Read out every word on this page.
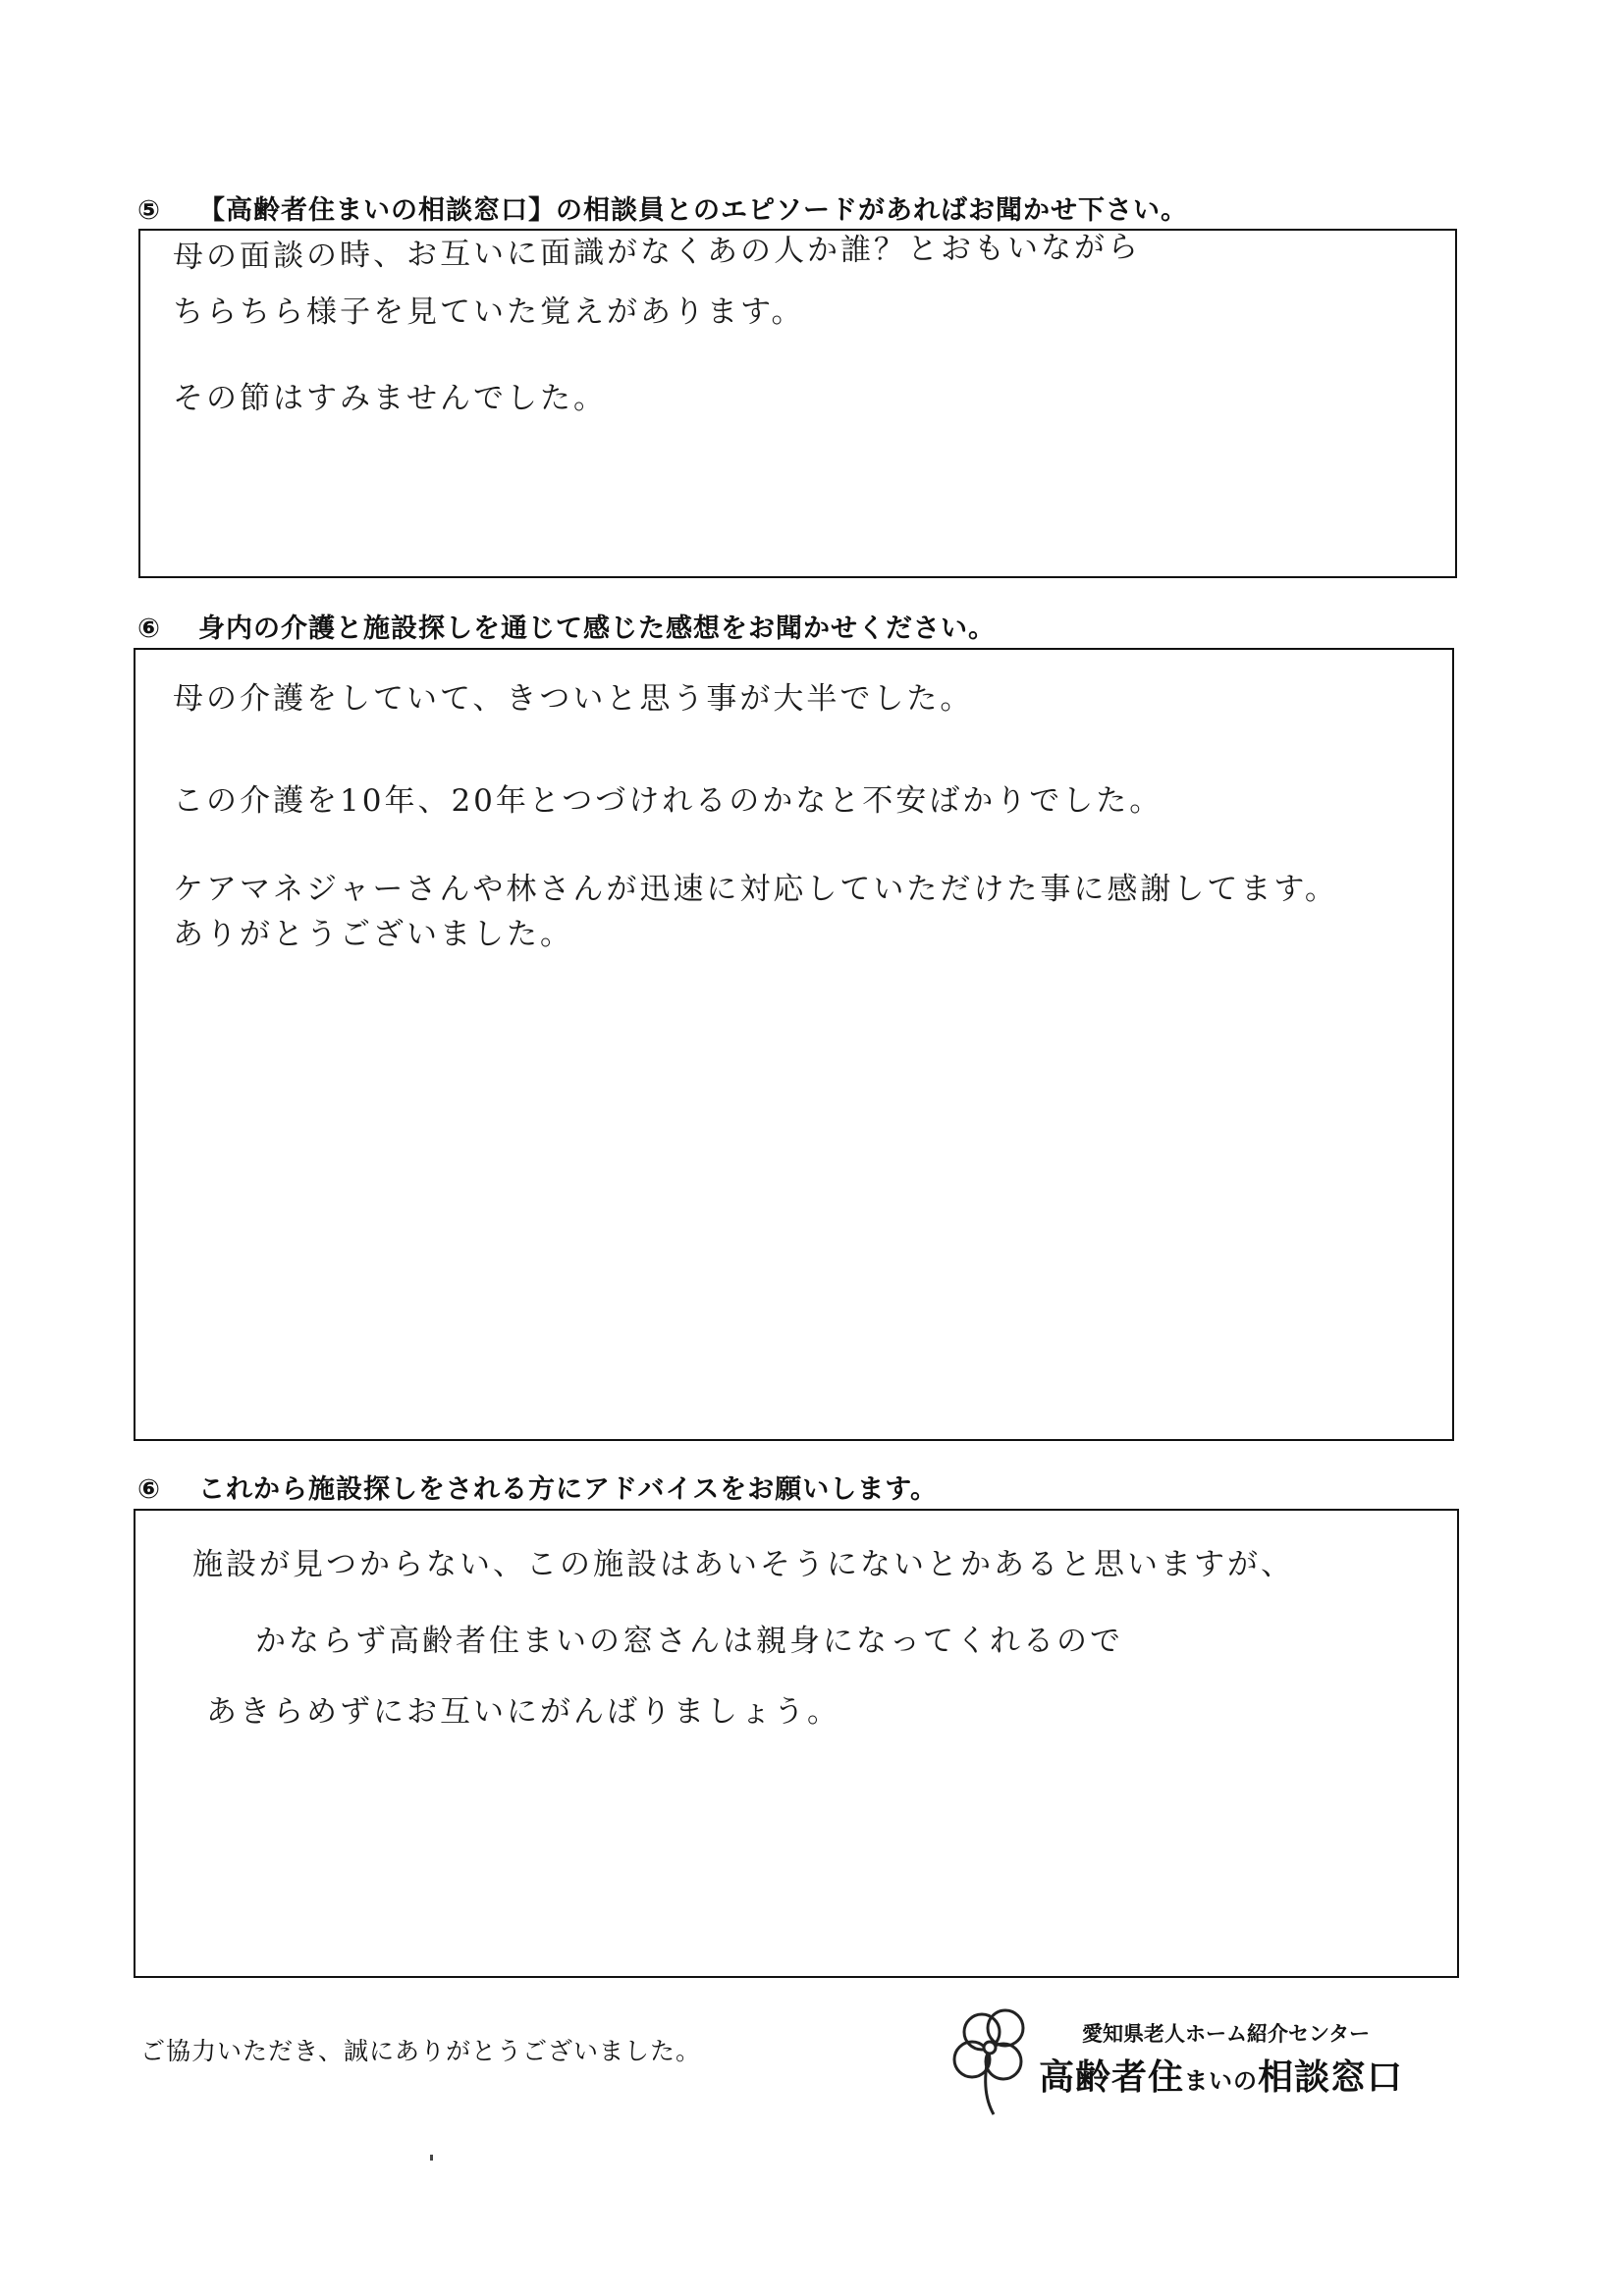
⑤ 【高齢者住まいの相談窓口】の相談員とのエピソードがあればお聞かせ下さい。
母の面談の時、お互いに面識がなくあの人か誰？とおもいながら
ちらちら様子を見ていた覚えがあります。
その節はすみませんでした。
⑥ 身内の介護と施設探しを通じて感じた感想をお聞かせください。
母の介護をしていて、きついと思う事が大半でした。
この介護を10年、20年とつづけれるのかなと不安ばかりでした。
ケアマネジャーさんや林さんが迅速に対応していただけた事に感謝してます。
ありがとうございました。
⑥ これから施設探しをされる方にアドバイスをお願いします。
施設が見つからない、この施設はあいそうにないとかあると思いますが、
かならず高齢者住まいの窓さんは親身になってくれるので
あきらめずにお互いにがんばりましょう。
ご協力いただき、誠にありがとうございました。
愛知県老人ホーム紹介センター
高齢者住まいの相談窓口
